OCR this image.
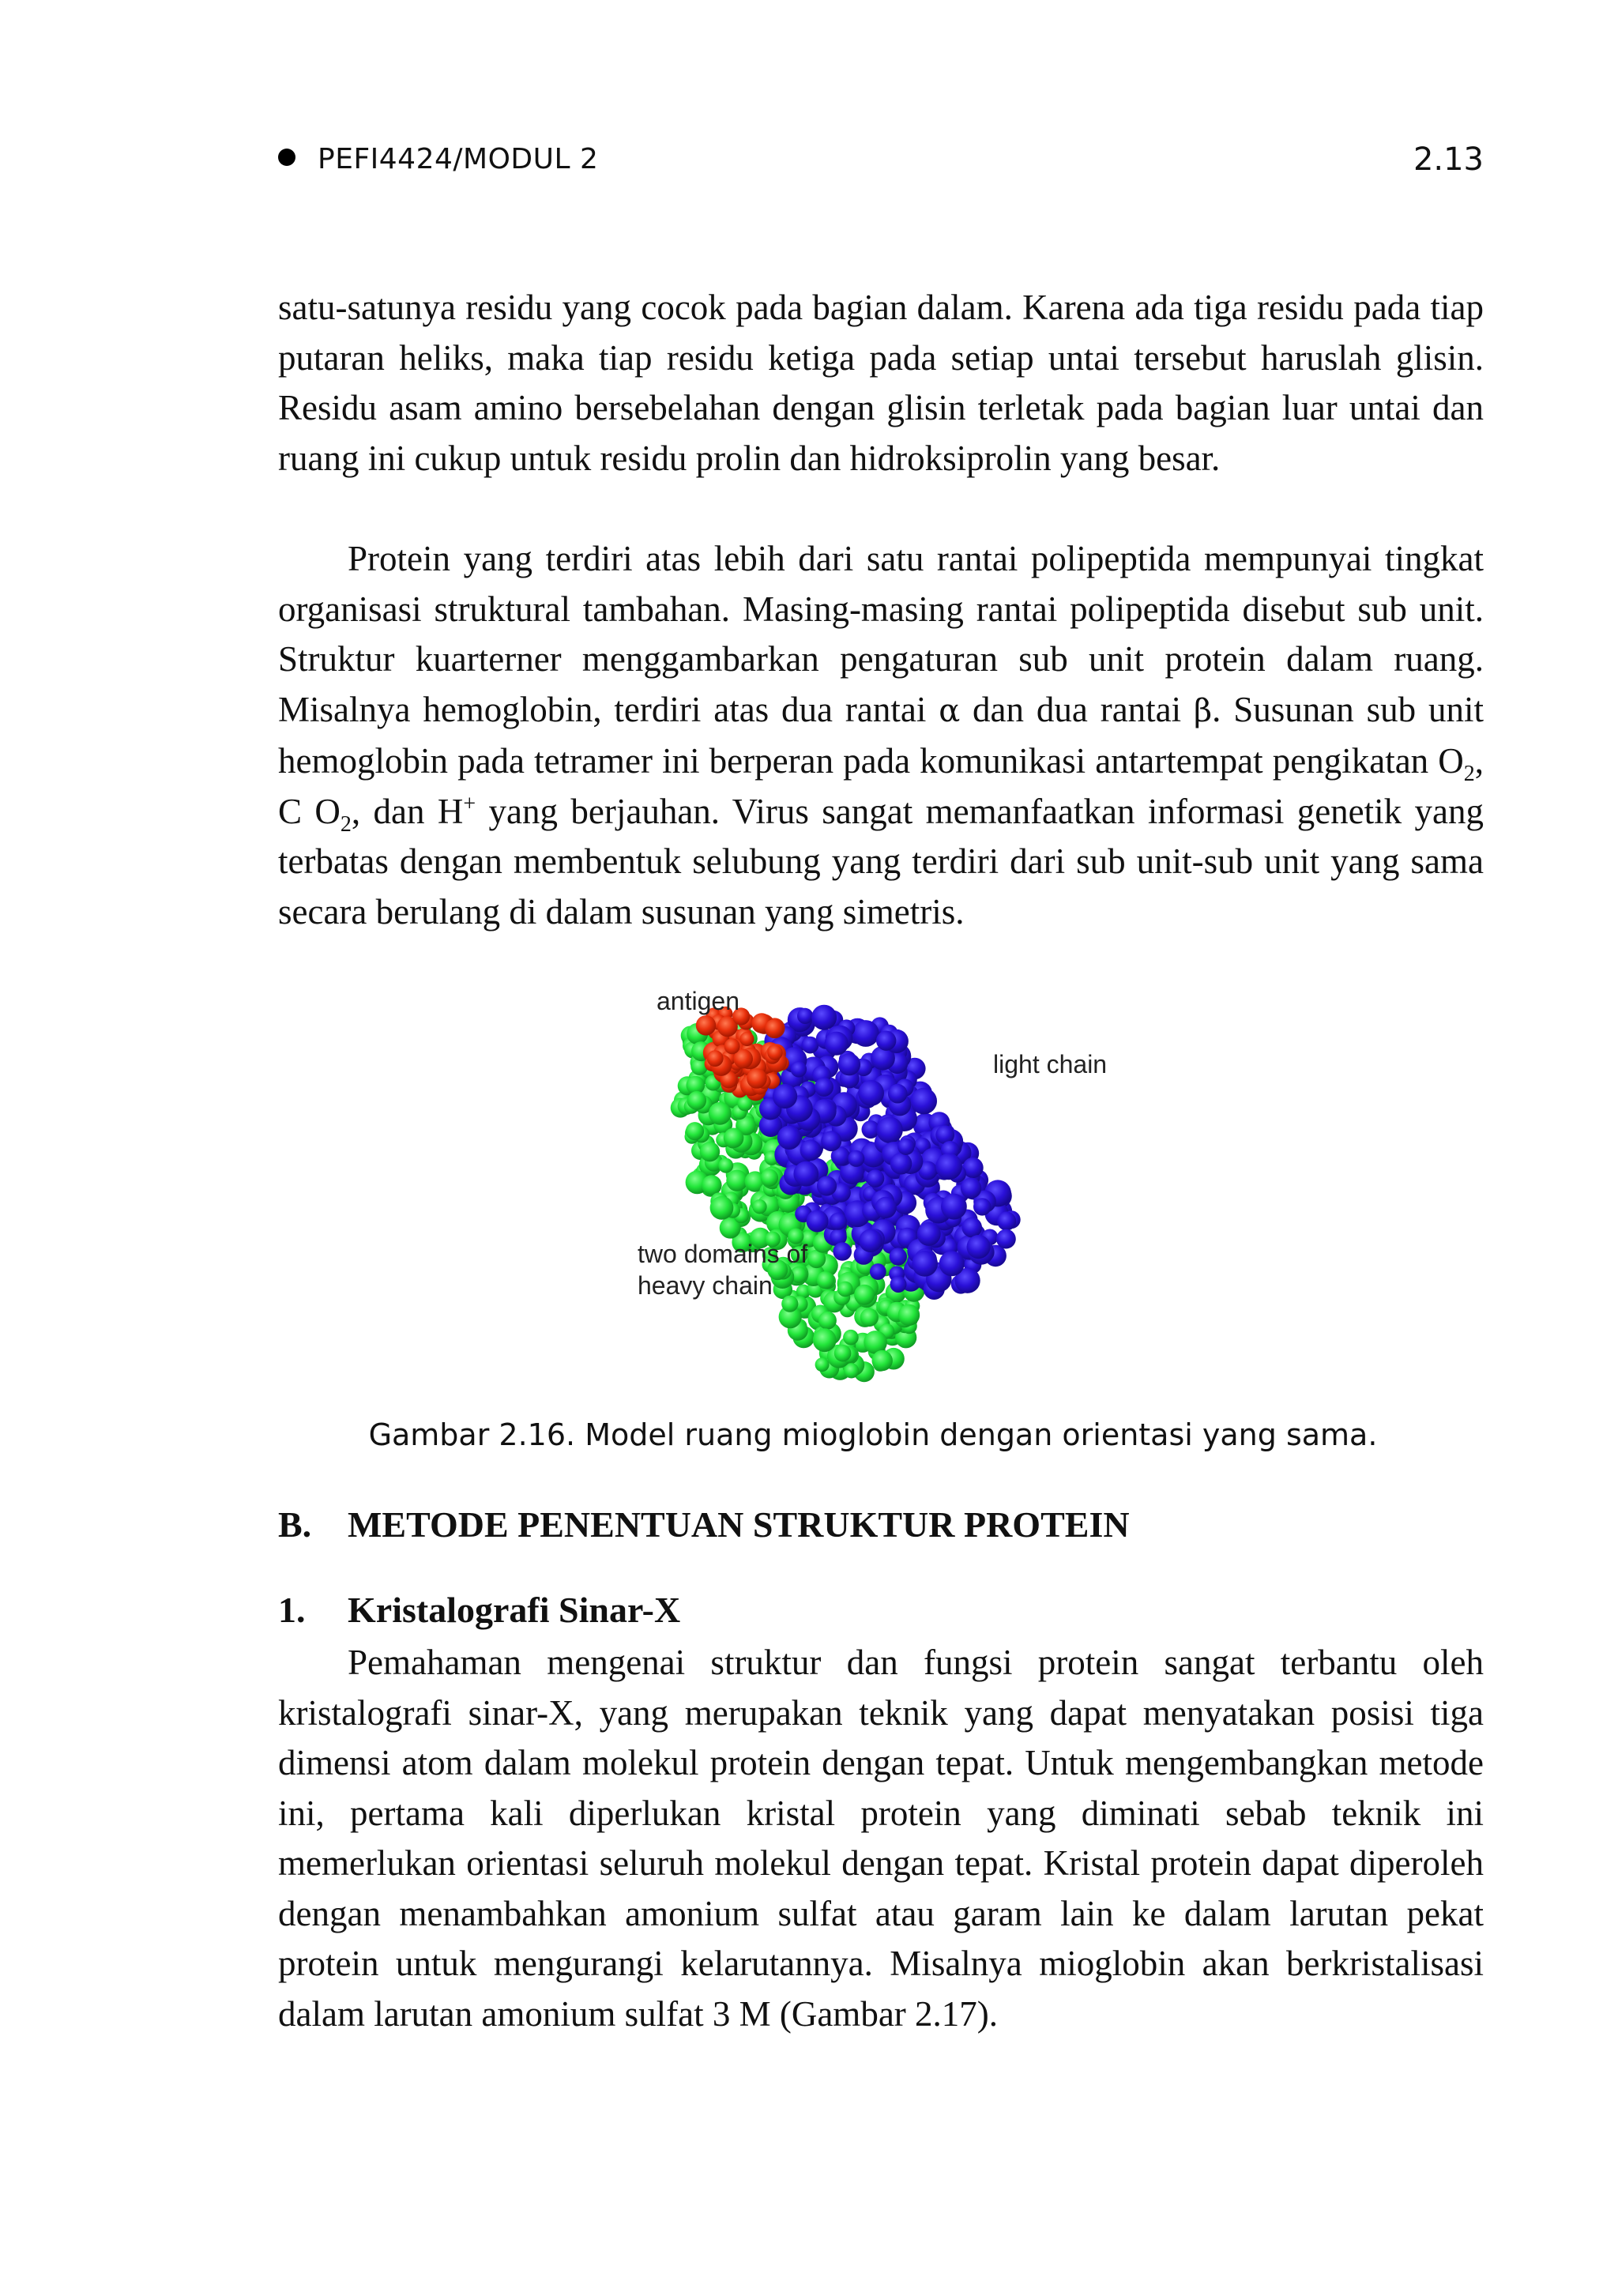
PEFI4424/MODUL 2	2.13

satu-satunya residu yang cocok pada bagian dalam. Karena ada tiga residu pada tiap putaran heliks, maka tiap residu ketiga pada setiap untai tersebut haruslah glisin. Residu asam amino bersebelahan dengan glisin terletak pada bagian luar untai dan ruang ini cukup untuk residu prolin dan hidroksiprolin yang besar.

Protein yang terdiri atas lebih dari satu rantai polipeptida mempunyai tingkat organisasi struktural tambahan. Masing-masing rantai polipeptida disebut sub unit. Struktur kuarterner menggambarkan pengaturan sub unit protein dalam ruang. Misalnya hemoglobin, terdiri atas dua rantai α dan dua rantai β. Susunan sub unit hemoglobin pada tetramer ini berperan pada komunikasi antartempat pengikatan $O_2$, C $O_2$, dan H+ yang berjauhan. Virus sangat memanfaatkan informasi genetik yang terbatas dengan membentuk selubung yang terdiri dari sub unit-sub unit yang sama secara berulang di dalam susunan yang simetris.

antigen
light chain
two domains of heavy chain
Gambar 2.16. Model ruang mioglobin dengan orientasi yang sama.
B. METODE PENENTUAN STRUKTUR PROTEIN
1. Kristalografi Sinar-X

Pemahaman mengenai struktur dan fungsi protein sangat terbantu oleh kristalografi sinar-X, yang merupakan teknik yang dapat menyatakan posisi tiga dimensi atom dalam molekul protein dengan tepat. Untuk mengembangkan metode ini, pertama kali diperlukan kristal protein yang diminati sebab teknik ini memerlukan orientasi seluruh molekul dengan tepat. Kristal protein dapat diperoleh dengan menambahkan amonium sulfat atau garam lain ke dalam larutan pekat protein untuk mengurangi kelarutannya. Misalnya mioglobin akan berkristalisasi dalam larutan amonium sulfat 3 M (Gambar 2.17).
